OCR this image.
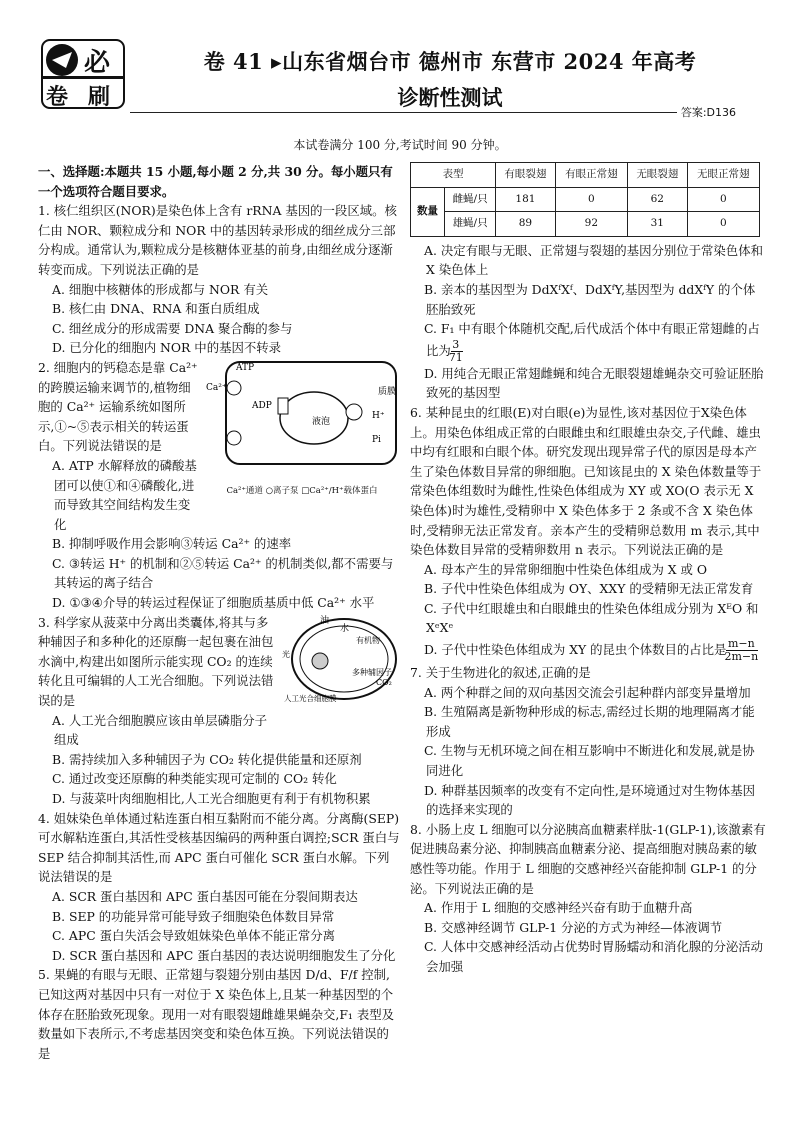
必
卷 刷
卷 41 ▸山东省烟台市 德州市 东营市 2024 年高考
诊断性测试
答案:D136
本试卷满分 100 分,考试时间 90 分钟。

一、选择题:本题共 15 小题,每小题 2 分,共 30 分。每小题只有一个选项符合题目要求。

1. 核仁组织区(NOR)是染色体上含有 rRNA 基因的一段区域。核仁由 NOR、颗粒成分和 NOR 中的基因转录形成的细丝成分三部分构成。通常认为,颗粒成分是核糖体亚基的前身,由细丝成分逐渐转变而成。下列说法正确的是

A. 细胞中核糖体的形成都与 NOR 有关

B. 核仁由 DNA、RNA 和蛋白质组成

C. 细丝成分的形成需要 DNA 聚合酶的参与

D. 已分化的细胞内 NOR 中的基因不转录

ATP
Ca²⁺
ADP
液泡
质膜
H⁺
Pi
Ca²⁺通道 ○离子泵 □Ca²⁺/H⁺载体蛋白

2. 细胞内的钙稳态是靠 Ca²⁺ 的跨膜运输来调节的,植物细胞的 Ca²⁺ 运输系统如图所示,①~⑤表示相关的转运蛋白。下列说法错误的是

A. ATP 水解释放的磷酸基团可以使①和④磷酸化,进而导致其空间结构发生变化

B. 抑制呼吸作用会影响③转运 Ca²⁺ 的速率

C. ③转运 H⁺ 的机制和②⑤转运 Ca²⁺ 的机制类似,都不需要与其转运的离子结合

D. ①③④介导的转运过程保证了细胞质基质中低 Ca²⁺ 水平

油
水
有机物
光
多种辅因子
CO₂
人工光合细胞膜

3. 科学家从菠菜中分离出类囊体,将其与多种辅因子和多种化的还原酶一起包裹在油包水滴中,构建出如图所示能实现 CO₂ 的连续转化且可编辑的人工光合细胞。下列说法错误的是

A. 人工光合细胞膜应该由单层磷脂分子组成

B. 需持续加入多种辅因子为 CO₂ 转化提供能量和还原剂

C. 通过改变还原酶的种类能实现可定制的 CO₂ 转化

D. 与菠菜叶肉细胞相比,人工光合细胞更有利于有机物积累

4. 姐妹染色单体通过粘连蛋白相互黏附而不能分离。分离酶(SEP)可水解粘连蛋白,其活性受核基因编码的两种蛋白调控;SCR 蛋白与 SEP 结合抑制其活性,而 APC 蛋白可催化 SCR 蛋白水解。下列说法错误的是

A. SCR 蛋白基因和 APC 蛋白基因可能在分裂间期表达

B. SEP 的功能异常可能导致子细胞染色体数目异常

C. APC 蛋白失活会导致姐妹染色单体不能正常分离

D. SCR 蛋白基因和 APC 蛋白基因的表达说明细胞发生了分化

5. 果蝇的有眼与无眼、正常翅与裂翅分别由基因 D/d、F/f 控制,已知这两对基因中只有一对位于 X 染色体上,且某一种基因型的个体存在胚胎致死现象。现用一对有眼裂翅雌雄果蝇杂交,F₁ 表型及数量如下表所示,不考虑基因突变和染色体互换。下列说法错误的是

表型		有眼裂翅	有眼正常翅	无眼裂翅	无眼正常翅
数量	雌蝇/只	181	0	62	0
	雄蝇/只	89	92	31	0

A. 决定有眼与无眼、正常翅与裂翅的基因分别位于常染色体和 X 染色体上

B. 亲本的基因型为 DdXᶠXᶠ、DdXᶠY,基因型为 ddXᶠY 的个体胚胎致死

C. F₁ 中有眼个体随机交配,后代成活个体中有眼正常翅雌的占比为 $\frac{3}{71}$

D. 用纯合无眼正常翅雌蝇和纯合无眼裂翅雄蝇杂交可验证胚胎致死的基因型

6. 某种昆虫的红眼(E)对白眼(e)为显性,该对基因位于X染色体上。用染色体组成正常的白眼雌虫和红眼雄虫杂交,子代雌、雄虫中均有红眼和白眼个体。研究发现出现异常子代的原因是母本产生了染色体数目异常的卵细胞。已知该昆虫的 X 染色体数量等于常染色体组数时为雌性,性染色体组成为 XY 或 XO(O 表示无 X 染色体)时为雄性,受精卵中 X 染色体多于 2 条或不含 X 染色体时,受精卵无法正常发育。亲本产生的受精卵总数用 m 表示,其中染色体数目异常的受精卵数用 n 表示。下列说法正确的是

A. 母本产生的异常卵细胞中性染色体组成为 X 或 O

B. 子代中性染色体组成为 OY、XXY 的受精卵无法正常发育

C. 子代中红眼雄虫和白眼雌虫的性染色体组成分别为 XᴱO 和 XᵉXᵉ

D. 子代中性染色体组成为 XY 的昆虫个体数目的占比是 $\frac{m-n}{2m-n}$

7. 关于生物进化的叙述,正确的是

A. 两个种群之间的双向基因交流会引起种群内部变异量增加

B. 生殖隔离是新物种形成的标志,需经过长期的地理隔离才能形成

C. 生物与无机环境之间在相互影响中不断进化和发展,就是协同进化

D. 种群基因频率的改变有不定向性,是环境通过对生物体基因的选择来实现的

8. 小肠上皮 L 细胞可以分泌胰高血糖素样肽-1(GLP-1),该激素有促进胰岛素分泌、抑制胰高血糖素分泌、提高细胞对胰岛素的敏感性等功能。作用于 L 细胞的交感神经兴奋能抑制 GLP-1 的分泌。下列说法正确的是

A. 作用于 L 细胞的交感神经兴奋有助于血糖升高

B. 交感神经调节 GLP-1 分泌的方式为神经—体液调节

C. 人体中交感神经活动占优势时胃肠蠕动和消化腺的分泌活动会加强
